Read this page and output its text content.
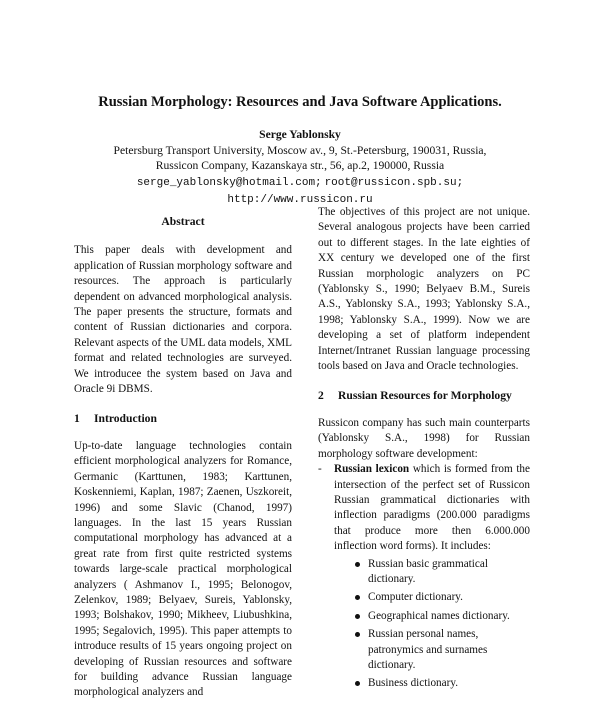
Russian Morphology: Resources and Java Software Applications.
Serge Yablonsky
Petersburg Transport University, Moscow av., 9, St.-Petersburg, 190031, Russia,
Russicon Company, Kazanskaya str., 56, ap.2, 190000, Russia
serge_yablonsky@hotmail.com; root@russicon.spb.su;
http://www.russicon.ru
Abstract

This paper deals with development and application of Russian morphology software and resources. The approach is particularly dependent on advanced morphological analysis. The paper presents the structure, formats and content of Russian dictionaries and corpora. Relevant aspects of the UML data models, XML format and related technologies are surveyed. We introducee the system based on Java and Oracle 9i DBMS.

1	Introduction

Up-to-date language technologies contain efficient morphological analyzers for Romance, Germanic (Karttunen, 1983; Karttunen, Koskenniemi, Kaplan, 1987; Zaenen, Uszkoreit, 1996) and some Slavic (Chanod, 1997) languages. In the last 15 years Russian computational morphology has advanced at a great rate from first quite restricted systems towards large-scale practical morphological analyzers ( Ashmanov I., 1995; Belonogov, Zelenkov, 1989; Belyaev, Sureis, Yablonsky, 1993; Bolshakov, 1990; Mikheev, Liubushkina, 1995; Segalovich, 1995). This paper attempts to introduce results of 15 years ongoing project on developing of Russian resources and software for building advance Russian language morphological analyzers and

The objectives of this project are not unique. Several analogous projects have been carried out to different stages. In the late eighties of XX century we developed one of the first Russian morphologic analyzers on PC (Yablonsky S., 1990; Belyaev B.M., Sureis A.S., Yablonsky S.A., 1993; Yablonsky S.A., 1998; Yablonsky S.A., 1999). Now we are developing a set of platform independent Internet/Intranet Russian language processing tools based on Java and Oracle technologies.

2	Russian Resources for Morphology

Russicon company has such main counterparts (Yablonsky S.A., 1998) for Russian morphology software development:

- Russian lexicon which is formed from the intersection of the perfect set of Russicon Russian grammatical dictionaries with inflection paradigms (200.000 paradigms that produce more then 6.000.000 inflection word forms). It includes:
Russian basic grammatical dictionary.
Computer dictionary.
Geographical names dictionary.
Russian personal names, patronymics and surnames dictionary.
Business dictionary.
